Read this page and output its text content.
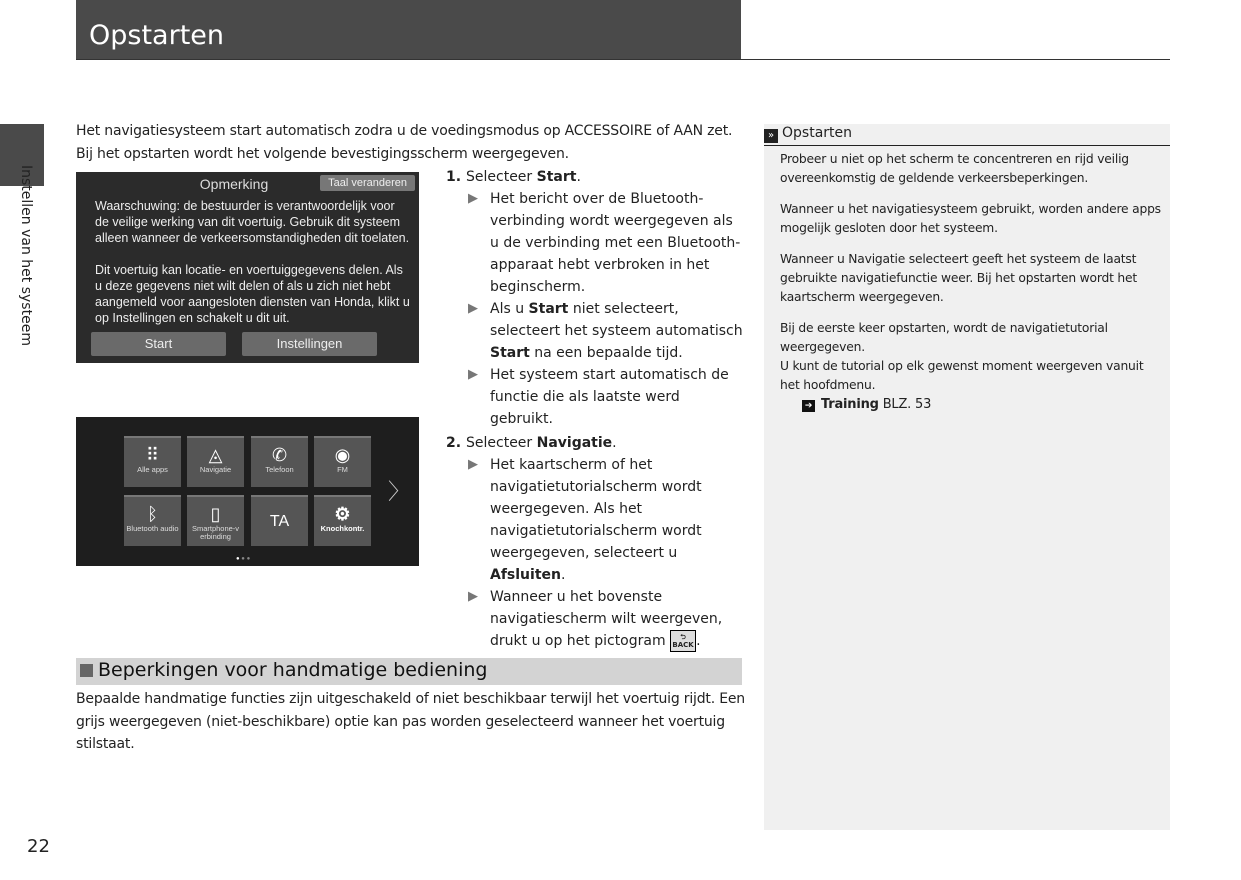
Opstarten
Instellen van het systeem
22
Het navigatiesysteem start automatisch zodra u de voedingsmodus op ACCESSOIRE of AAN zet. Bij het opstarten wordt het volgende bevestigingsscherm weergegeven.
Opmerking	Taal veranderen

Waarschuwing: de bestuurder is verantwoordelijk voor de veilige werking van dit voertuig. Gebruik dit systeem alleen wanneer de verkeersomstandigheden dit toelaten.

Dit voertuig kan locatie- en voertuiggegevens delen. Als u deze gegevens niet wilt delen of als u zich niet hebt aangemeld voor aangesloten diensten van Honda, klikt u op Instellingen en schakelt u dit uit.

Start	Instellingen
⠿
Alle apps
◬
Navigatie
✆
Telefoon
◉
FM
ᛒ
Bluetooth audio
▯
Smartphone-v erbinding
TA	⚙
Knochkontr.
〉
● ● ●
1. Selecteer Start.
▶ Het bericht over de Bluetooth-verbinding wordt weergegeven als u de verbinding met een Bluetooth-apparaat hebt verbroken in het beginscherm.
▶ Als u Start niet selecteert, selecteert het systeem automatisch Start na een bepaalde tijd.
▶ Het systeem start automatisch de functie die als laatste werd gebruikt.
2. Selecteer Navigatie.
▶ Het kaartscherm of het navigatietutorialscherm wordt weergegeven. Als het navigatietutorialscherm wordt weergegeven, selecteert u Afsluiten.
▶ Wanneer u het bovenste navigatiescherm wilt weergeven, drukt u op het pictogram ⮌
BACK .
Beperkingen voor handmatige bediening
Bepaalde handmatige functies zijn uitgeschakeld of niet beschikbaar terwijl het voertuig rijdt. Een grijs weergegeven (niet-beschikbare) optie kan pas worden geselecteerd wanneer het voertuig stilstaat.
» Opstarten

Probeer u niet op het scherm te concentreren en rijd veilig overeenkomstig de geldende verkeersbeperkingen.

Wanneer u het navigatiesysteem gebruikt, worden andere apps mogelijk gesloten door het systeem.

Wanneer u Navigatie selecteert geeft het systeem de laatst gebruikte navigatiefunctie weer. Bij het opstarten wordt het kaartscherm weergegeven.

Bij de eerste keer opstarten, wordt de navigatietutorial weergegeven.
U kunt de tutorial op elk gewenst moment weergeven vanuit het hoofdmenu.
➔ Training BLZ. 53
